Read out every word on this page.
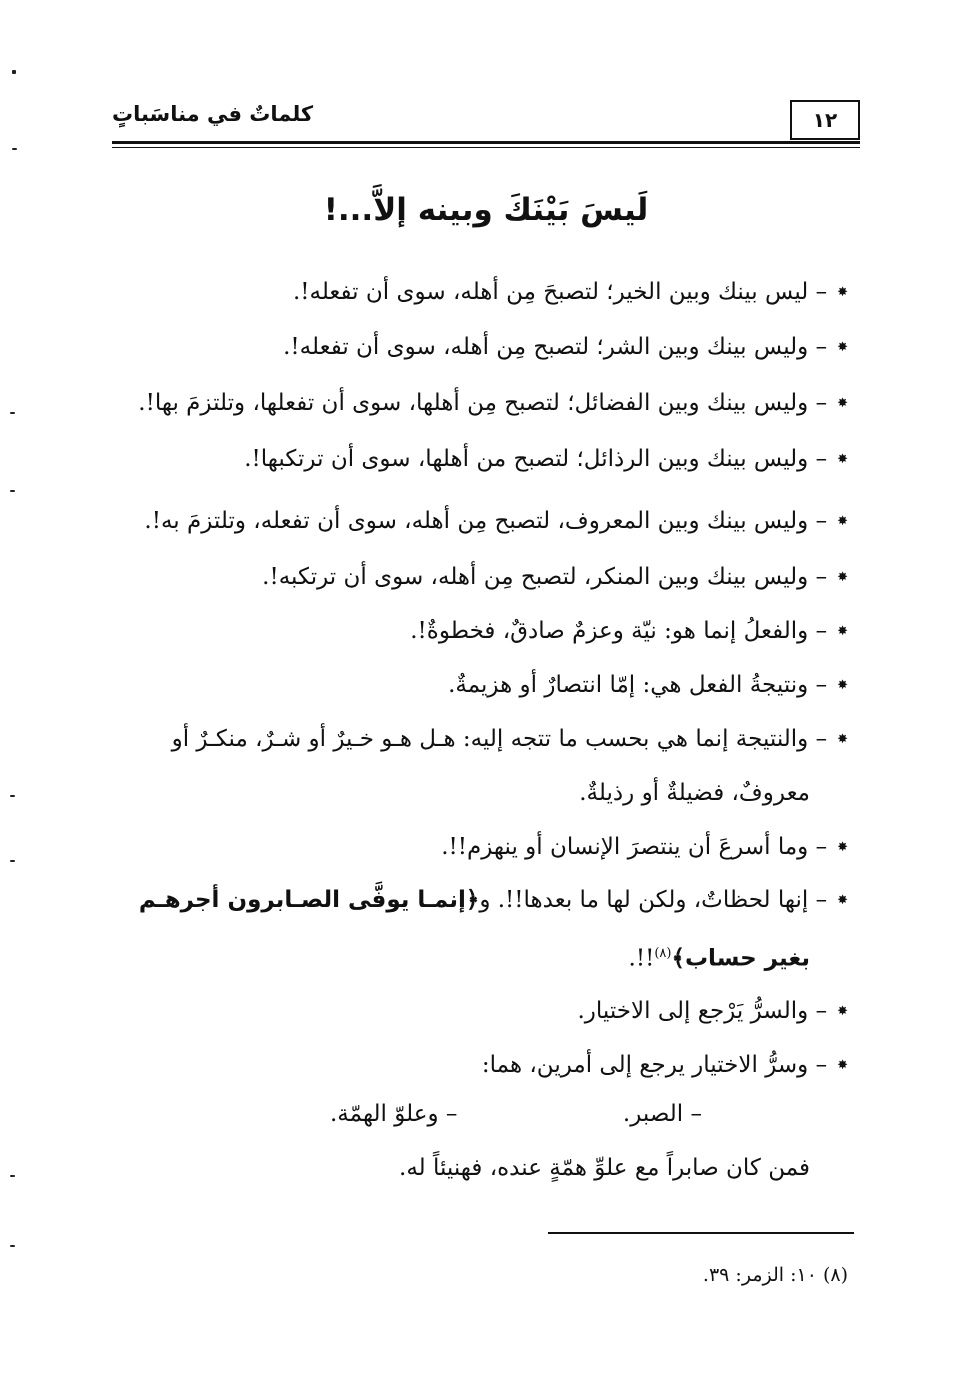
١٢
كلماتٌ في مناسَباتٍ
لَيسَ بَيْنَكَ وبينه إلاَّ...!
✸– ليس بينك وبين الخير؛ لتصبحَ مِن أهله، سوى أن تفعله!.
✸– وليس بينك وبين الشر؛ لتصبح مِن أهله، سوى أن تفعله!.
✸– وليس بينك وبين الفضائل؛ لتصبح مِن أهلها، سوى أن تفعلها، وتلتزمَ بها!.
✸– وليس بينك وبين الرذائل؛ لتصبح من أهلها، سوى أن ترتكبها!.
✸– وليس بينك وبين المعروف، لتصبح مِن أهله، سوى أن تفعله، وتلتزمَ به!.
✸– وليس بينك وبين المنكر، لتصبح مِن أهله، سوى أن ترتكبه!.
✸– والفعلُ إنما هو: نيّة وعزمٌ صادقٌ، فخطوةٌ!.
✸– ونتيجةُ الفعل هي: إمّا انتصارٌ أو هزيمةٌ.
✸– والنتيجة إنما هي بحسب ما تتجه إليه: هـل هـو خـيرٌ أو شـرٌ، منكـرٌ أو
معروفٌ، فضيلةٌ أو رذيلةٌ.
✸– وما أسرعَ أن ينتصرَ الإنسان أو ينهزم!!.
✸– إنها لحظاتٌ، ولكن لها ما بعدها!!. و﴿إنمـا يوفَّى الصـابرون أجرهـم
بغير حساب﴾$^{(٨)}$!!.
✸– والسرُّ يَرْجع إلى الاختيار.
✸– وسرُّ الاختيار يرجع إلى أمرين، هما:
– الصبر.
– وعلوّ الهمّة.
فمن كان صابراً مع علوِّ همّةٍ عنده، فهنيئاً له.
(٨) ١٠: الزمر: ٣٩.
